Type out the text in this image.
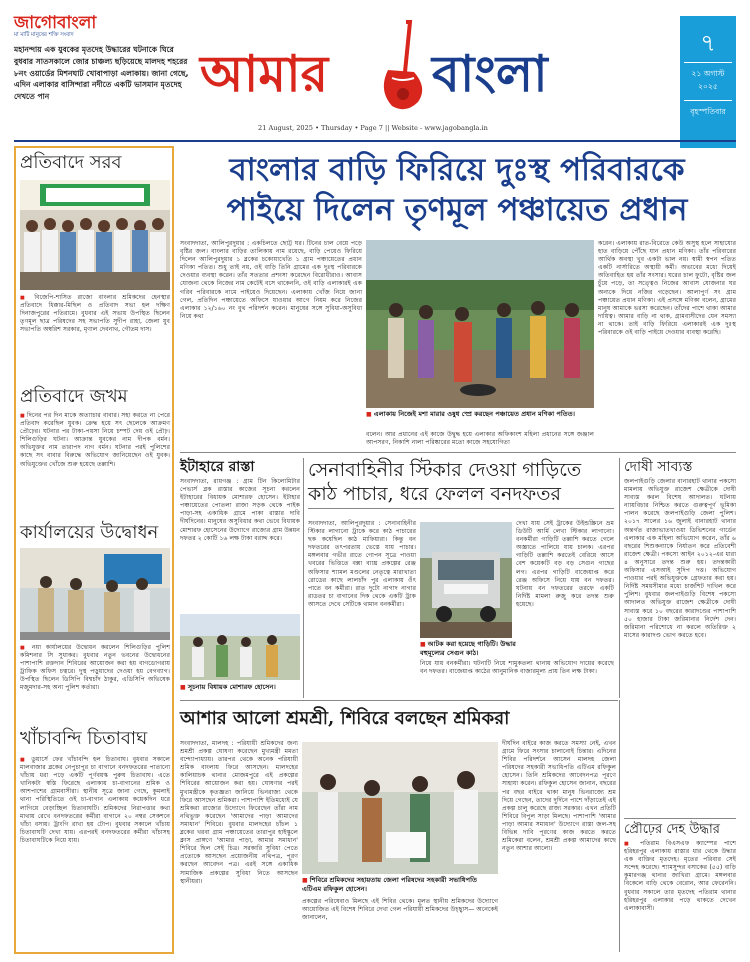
জাগোবাংলা
মা মাটি মানুষের শক্তি সংবাদ
মহানন্দায় এক যুবকের মৃতদেহ উদ্ধারের ঘটনাকে ঘিরে বুধবার সাতসকালে জোর চাঞ্চল্য ছড়িয়েছে মালদহ শহরের ৮নং ওয়ার্ডের মিশনঘাট খোবাপাড়া এলাকায়। জানা গেছে, এদিন এলাকার বাসিন্দারা নদীতে একটি ভাসমান মৃতদেহ দেখতে পান	আমার বাংলা
21 August, 2025 • Thursday • Page 7 || Website - www.jagobangla.in
৭
২১ অগাস্ট
২০২৫
বৃহস্পতিবার
প্রতিবাদে সরব
■ বিজেপি-শাসিত রাজ্যে বাংলার শ্রমিকদের হেনস্থার প্রতিবাদে ধিক্কার-মিছিল ও প্রতিবাদ সভা হল দক্ষিণ দিনাজপুরের পতিরামে। বুধবার এই সভায় উপস্থিত ছিলেন তৃণমূল ছাত্র পরিষদের সহ সভাপতি সুদীপ রাহা, জেলা যুব সভাপতি অম্বরিশ সরকার, মৃণাল দেবনাথ, গৌতম দাস।
প্রতিবাদে জখম
■ দিনের পর দিন মাকে অত্যাচার বাবার। সহ্য করতে না পেরে প্রতিবাদ করেছিল যুবক। ক্রেদ্ধ হয়ে সৎ ছেলেকে আক্রমণ প্রৌঢ়ের। ঘটনার পর টাকা-পয়সা নিয়ে চম্পট দেয় ওই প্রৌঢ়। শিলিগুড়ির ঘটনা। আক্রান্ত যুবকের নাম দীপক বর্মন। অভিযুক্তর নাম তারাপদ নাগ বর্মন। ঘটনার পরই পুলিশের কাছে সৎ বাবার বিরুদ্ধে অভিযোগ জানিয়েছেন ওই যুবক। অভিযুক্তের খোঁজে শুরু হয়েছে তল্লাশি।
কার্যালয়ের উদ্বোধন
■ নয়া কার্যালয়ের উদ্বোধন করলেন শিলিগুড়ির পুলিশ কমিশনার সি সুধাকর। বুধবার নতুন ভবনের উদ্বোধনের পাশাপাশি রক্তদান শিবিরের আয়োজন করা হয় বাগডোগরায় ট্রাফিক অফিস চত্বরে। দুস্থ পড়ুয়াদের দেওয়া হয় বেগব্যাগ। উপস্থিত ছিলেন ডিসিপি বিশ্বচাঁদ ঠাকুর, এডিসিপি অভিষেক মজুমদার-সহ অন্য পুলিশ কর্তারা।
খাঁচাবন্দি চিতাবাঘ
■ ডুয়ার্সে ফের খাঁচাবন্দি হল চিতাবাঘ। বুধবার সকালে মালবাজার ব্লকের নেপুচাপুর চা বাগানে বনদফতরের পাতানো খাঁচায় ধরা পড়ে একটি পূর্ণবয়স্ক পুরুষ চিতাবাঘ। এতে খানিকটা স্বস্তি ফিরেছে এলাকায় চা-বাগানের শ্রমিক ও আশপাশের গ্রামবাসীরা। স্থানীয় সূত্রে জানা গেছে, কুমলাই থানা পরিস্থিতিতে ওই চা-বাগান এলাকায় কয়েকদিন ধরে লাগিয়ে বেড়াচ্ছিল চিতাবাঘটি। শ্রমিকদের নিরাপত্তার কথা মাথায় রেখে বনদফতরের কর্মীরা বাগানে ২০ নম্বর সেকশনে খাঁচা বসায়। ট্রাংগি রাখা হয় টোপ। বুধবার সকালে খাঁচায় চিতাবাঘটি দেখা যায়। এরপরই বনদফতরের কর্মীরা খাঁচাসহ চিতাবাঘটিকে নিয়ে যায়।
বাংলার বাড়ি ফিরিয়ে দুঃস্থ পরিবারকে
পাইয়ে দিলেন তৃণমূল পঞ্চায়েত প্রধান
সংবাদদাতা, আলিপুরদুয়ার : একচিলতে ছোট্ট ঘর। টিনের চাল বেয়ে পড়ে বৃষ্টির জল। বাংলার বাড়ির তালিকায় নাম রয়েছে, বাড়ি পেয়েও ফিরিয়ে দিলেন আলিপুরদুয়ার ১ ব্লকের চকোয়াখেতি ১ গ্রাম পঞ্চায়েতের প্রধান মণিকা পতিত। শুধু তাই নয়, ওই বাড়ি তিনি গ্রামের এক দুঃস্থ পরিবারকে দেওয়ার ব্যবস্থা করেন। তাঁর সততার প্রশংসা করেছেন বিরোধীরাও। আবাস যোজনা থেকে নিজের নাম কেটেই বসে থাকেননি, ওই বাড়ি এলাকারই এক গরিব পরিবারকে নামে পাইয়েও দিয়েছেন। এলাকায় খোঁজ নিয়ে জানা গেল, প্রতিদিন পঞ্চায়েতে অফিসে যাওয়ার আগে নিয়ম করে নিজের এলাকার ১২/১৬০ নং বুথ পরিদর্শন করেন। মানুষের সঙ্গে সুবিধা-অসুবিধা নিয়ে কথা
■ এলাকায় নিজেই মশা মারার ওষুধ স্প্রে করছেন পঞ্চায়েত প্রধান মণিকা পতিত।
বলেন। আর প্রধানের এই কাজে উদ্বুদ্ধ হয়ে এলাকার অফিকাংশ মহিলা প্রধানের সঙ্গে জঞ্জাল আপসরণ, নিকাশি নালা পরিষ্কারের মতো কাজে সহযোগিতা
করেন। এলাকায় রাত-বিরেতে কেউ অসুস্থ হলে সাহায্যের হাত বাড়িয়ে পৌঁছে যান প্রধান মণিকা। তাঁর পরিবারের আর্থিক অবস্থা খুব একটা ভাল নয়। স্বামী স্বপন পতিত একটি নার্সারিতে অস্থায়ী কর্মী। অভাবের মধ্যে দিয়েই অতিবাহিত হয় তাঁর সংসার। ঘরের চাল ফুটো, বৃষ্টির জল চুঁয়ে পড়ে, তা সত্ত্বেও নিজের আবাস যোজনার ঘর অন্যকে দিয়ে নজির গড়েছেন। আলাপুর্ণ সং গ্রাম পঞ্চায়েত প্রধান মণিকা। এই প্রসঙ্গে মণিকা বলেন, গ্রামের মানুষ আমাকে ভরসা করেছেন। তাঁদের পাশে থাকা আমার দায়িত্ব। আমার বাড়ি না থাক, গ্রামবাসীদের যেন সমস্যা না থাকে। তাই বাড়ি ফিরিয়ে এলাকারই এক দুঃস্থ পরিবারকে ওই বাড়ি পাইয়ে দেওয়ার ব্যবস্থা করেছি।
ইটাহারে রাস্তা
সংবাদদাতা, রায়গঞ্জ : গ্রাম টিন কিলোমিটার পেভার্স ব্লক রাস্তার কাজের সূচনা করলেন ইটাহারের বিধায়ক মোশারফ হোসেন। ইটাহার পঞ্চায়েতের পোতলা রাজা সড়ক থেকে পাইক পাড়া-সহ একাধিক গ্রামে পাকা রাস্তার দাবি দীর্ঘদিনের। মানুষের অসুবিধার কথা ভেবে বিধায়ক মোশারফ হোসেনের উদ্যোগে রাজ্যের গ্রাম উন্নয়ন দফতর ২ কোটি ১৬ লক্ষ টাকা বরাদ্দ করে।
■ সূচনায় বিধায়ক মোশারফ হোসেন।
সেনাবাহিনীর স্টিকার দেওয়া গাড়িতে
কাঠ পাচার, ধরে ফেলল বনদফতর
সংবাদদাতা, আলিপুরদুয়ার : সেনাবাহিনীর স্টিকার লাগানো ট্রাকে করে কাঠ পাচারের ছক কষেছিল কাঠ মাফিয়ারা। কিন্তু বন দফতরের তৎপরতায় ভেস্তে যায় পাচার। মঙ্গলবার গভীর রাতে গোপন সূত্রে পাওয়া খবরের ভিত্তিতে বক্সা ব্যাঘ্র প্রকল্পের রেঞ্জ অফিসার শ্যামল মণ্ডলের নেতৃত্বে মারাখাতা রোডের কাছে লালচাঁদ পুর এলাকায় ওঁৎ পাতে বন কর্মীরা। রাত দুটো নাগাদ নাগার রাডতর চা বাগানের দিক থেকে একটি ট্রাক আসতে দেখে সেটিকে থামান বনকর্মীরা।
■ আটক করা হয়েছে গাড়িটি। উদ্ধার বহুমূল্যের সেগুন কাঠ।
দেখা যায় সেই ট্রাকের উইন্ডস্ক্রিনে ভ্রম ডিউটি আর্মি লেখা স্টিকার লাগানো। বনকর্মীরা গাড়িটি তল্লাশি করতে গেলে অজ্ঞাতে পালিয়ে যায় চালক। এরপর গাড়িটি তল্লাশি করতেই বেরিয়ে আসে বেশ কয়েকটি বড় বড় সেগুন গাছের লগ। এরপর গাড়িটি বাজেয়াপ্ত করে রেঞ্জ অফিসে নিয়ে যায় বন দফতর। ঘটনায় বন দফতরের তরফে একটি নির্দিষ্ট মামলা রুজু করে তদন্ত শুরু হয়েছে।
নিয়ে যায় বনকর্মীরা। ঘটনাটি নিয়ে শামুকতলা থানায় অভিযোগ দায়ের করেছে বন দফতর। বাজেয়াপ্ত কাঠের আনুমানিক বাজারমূল্য প্রায় তিন লক্ষ টাকা।
দোষী সাব্যস্ত
জলপাইগুড়ি জেলার বানারহাট থানার পকসো মামলায় অভিযুক্ত রাজেশ ক্ষেত্রীকে দোষী সাব্যস্ত করল বিশেষ আদালত। ঘটনায় ন্যায়বিচার নিশ্চিত করতে গুরুত্বপূর্ণ ভূমিকা পালন করেছে জলপাইগুড়ি জেলা পুলিশ। ২০১৭ সালের ১৬ জুলাই বানারহাট থানার অন্তর্গত রাজাভাতখাওয়া ডিভিশনের গার্ডেন এলাকার এক মহিলা অভিযোগ করেন, তাঁর ৬ বছরের শিশুকন্যাকে নির্যাতন করে প্রতিবেশী রাজেশ ক্ষেত্রী। পকসো আইন ২০১২-এর ধারা ৪ অনুসারে তদন্ত শুরু হয়। তদন্তকারী অফিসার এসআই সুদিপ দত্ত। অভিযোগ পাওয়ার পরই অভিযুক্তকে গ্রেফতার করা হয়। নির্দিষ্ট সময়সীমার মধ্যে চার্জশিট দাখিল করে পুলিশ। বুধবার জলপাইগুড়ি বিশেষ পকসো আদালত অভিযুক্ত রাজেশ ক্ষেত্রীকে দোষী সাব্যস্ত করে ১০ বছরের কারাদণ্ডের পাশাপাশি ৫০ হাজার টাকা জরিমানার নির্দেশ দেন। জরিমানা পরিশোধে না করলে অতিরিক্ত ২ মাসের কারাদণ্ড ভোগ করতে হবে।
আশার আলো শ্রমশ্রী, শিবিরে বলছেন শ্রমিকরা
সংবাদদাতা, মালদহ : পরিযায়ী শ্রমিকদের জন্য শ্রমশ্রী প্রকল্প ঘোষণা করেছেন মুখ্যমন্ত্রী মমতা বন্দ্যোপাধ্যায়। তারপর থেকে অনেক পরিযায়ী শ্রমিক বাংলায় ফিরে আসছেন। মালদহের কালিয়াচক থানার মোজমপুরে এই প্রকল্পের শিবিরের আয়োজন করা হয়। ঘোষণার পরই মুখ্যমন্ত্রীকে কৃতজ্ঞতা জানিয়ে ভিনরাজ্য থেকে ফিরে আসছেন শ্রমিকরা। পাশাপাশি ইতিমধ্যেই যে শ্রমিকরা রাজ্যের উদ্যোগে ফিরেছেন তাঁরা নাম নথিভুক্ত করেছেন 'আমাদের পাড়া আমাদের সমাধান' শিবিরে। বুধবার মালদহের চাঁচল ১ ব্লকের খরবা গ্রাম পঞ্চায়েতের তারাপুর হাইস্কুলে ক্লাস প্রাঙ্গণে 'আমার পাড়া, আমার সমাধান' শিবিরে ছিল সেই চিত্র। সরকারি সুবিধা পেতে প্রত্যেকে আসছেন প্রয়োজনীয় নথিপত্র, পূরণ করছেন আবেদন পত্র। এরই সঙ্গে একাধিক সামাজিক প্রকল্পের সুবিধা নিতে আসছেন স্থানীয়রা।
■	শিবিরে শ্রমিকদের সহায়তায় জেলা পরিষদের সহকারী সভাধিপতি এটিএম রফিকুল হোসেন।
প্রকল্পের পরিষেবাও মিলছে এই শিবির থেকে। মূলত স্থানীয় শ্রমিকদের উদ্যোগে আয়োজিত এই বিশেষ শিবিরে দেখা গেল পরিযায়ী শ্রমিকদের উচ্ছ্বাস— অনেকেই জানালেন,
দীর্ঘদিন বাইরে কাজ করতে সমস্যা নেই, এখন গ্রামে ফিরে সংসার চালানোই চিন্তার। এদিনের শিবির পরিদর্শনে আসেন মালদহ জেলা পরিষদের সহকারী সভাধিপতি এটিএম রফিকুল হোসেন। তিনি শ্রমিকদের আবেদনপত্র পূরণে সাহায্য করেন। রফিকুল হোসেন জানান, বছরের পর বছর বাইরে থাকা মানুষ ভিনরাজ্যে শ্রম দিয়ে গেছেন, তাদের দুর্দিনে পাশে দাঁড়াতেই এই প্রকল্প চালু করেছে রাজ্য সরকার। এখন প্রতিটি শিবিরে বিপুল সাড়া মিলছে। পাশাপাশি 'আমার পাড়া আমার সমাধান' উদ্যোগে রাস্তা জল-সহ বিভিন্ন দাবি পূরণের কাজ করতে করতে শ্রমিকেরা বলেন, শ্রমশ্রী প্রকল্প আমাদের কাছে নতুন আশার আলো।
প্রৌঢ়ের দেহ উদ্ধার
■ পতিরাম বিএসএফ ক্যাম্পের পাশে হরিহরপুর এলাকায় রাস্তার ধার থেকে উদ্ধার এক ব্যক্তির মৃতদেহ। মৃতের পরিবার সেই সন্দেহ করেছে। শ্যামসুন্দর বসাকের (৫৫) বাড়ি কুমারগঞ্জ থানার জাখিরা গ্রামে। মঙ্গলবার বিকেলে বাড়ি থেকে বেরোন, আর ফেরেননি। বুধবার সকালে তার মৃতদেহ পতিরাম থানার হরিহরপুর এলাকার পড়ে থাকতে দেখেন এলাকাবাসী।
